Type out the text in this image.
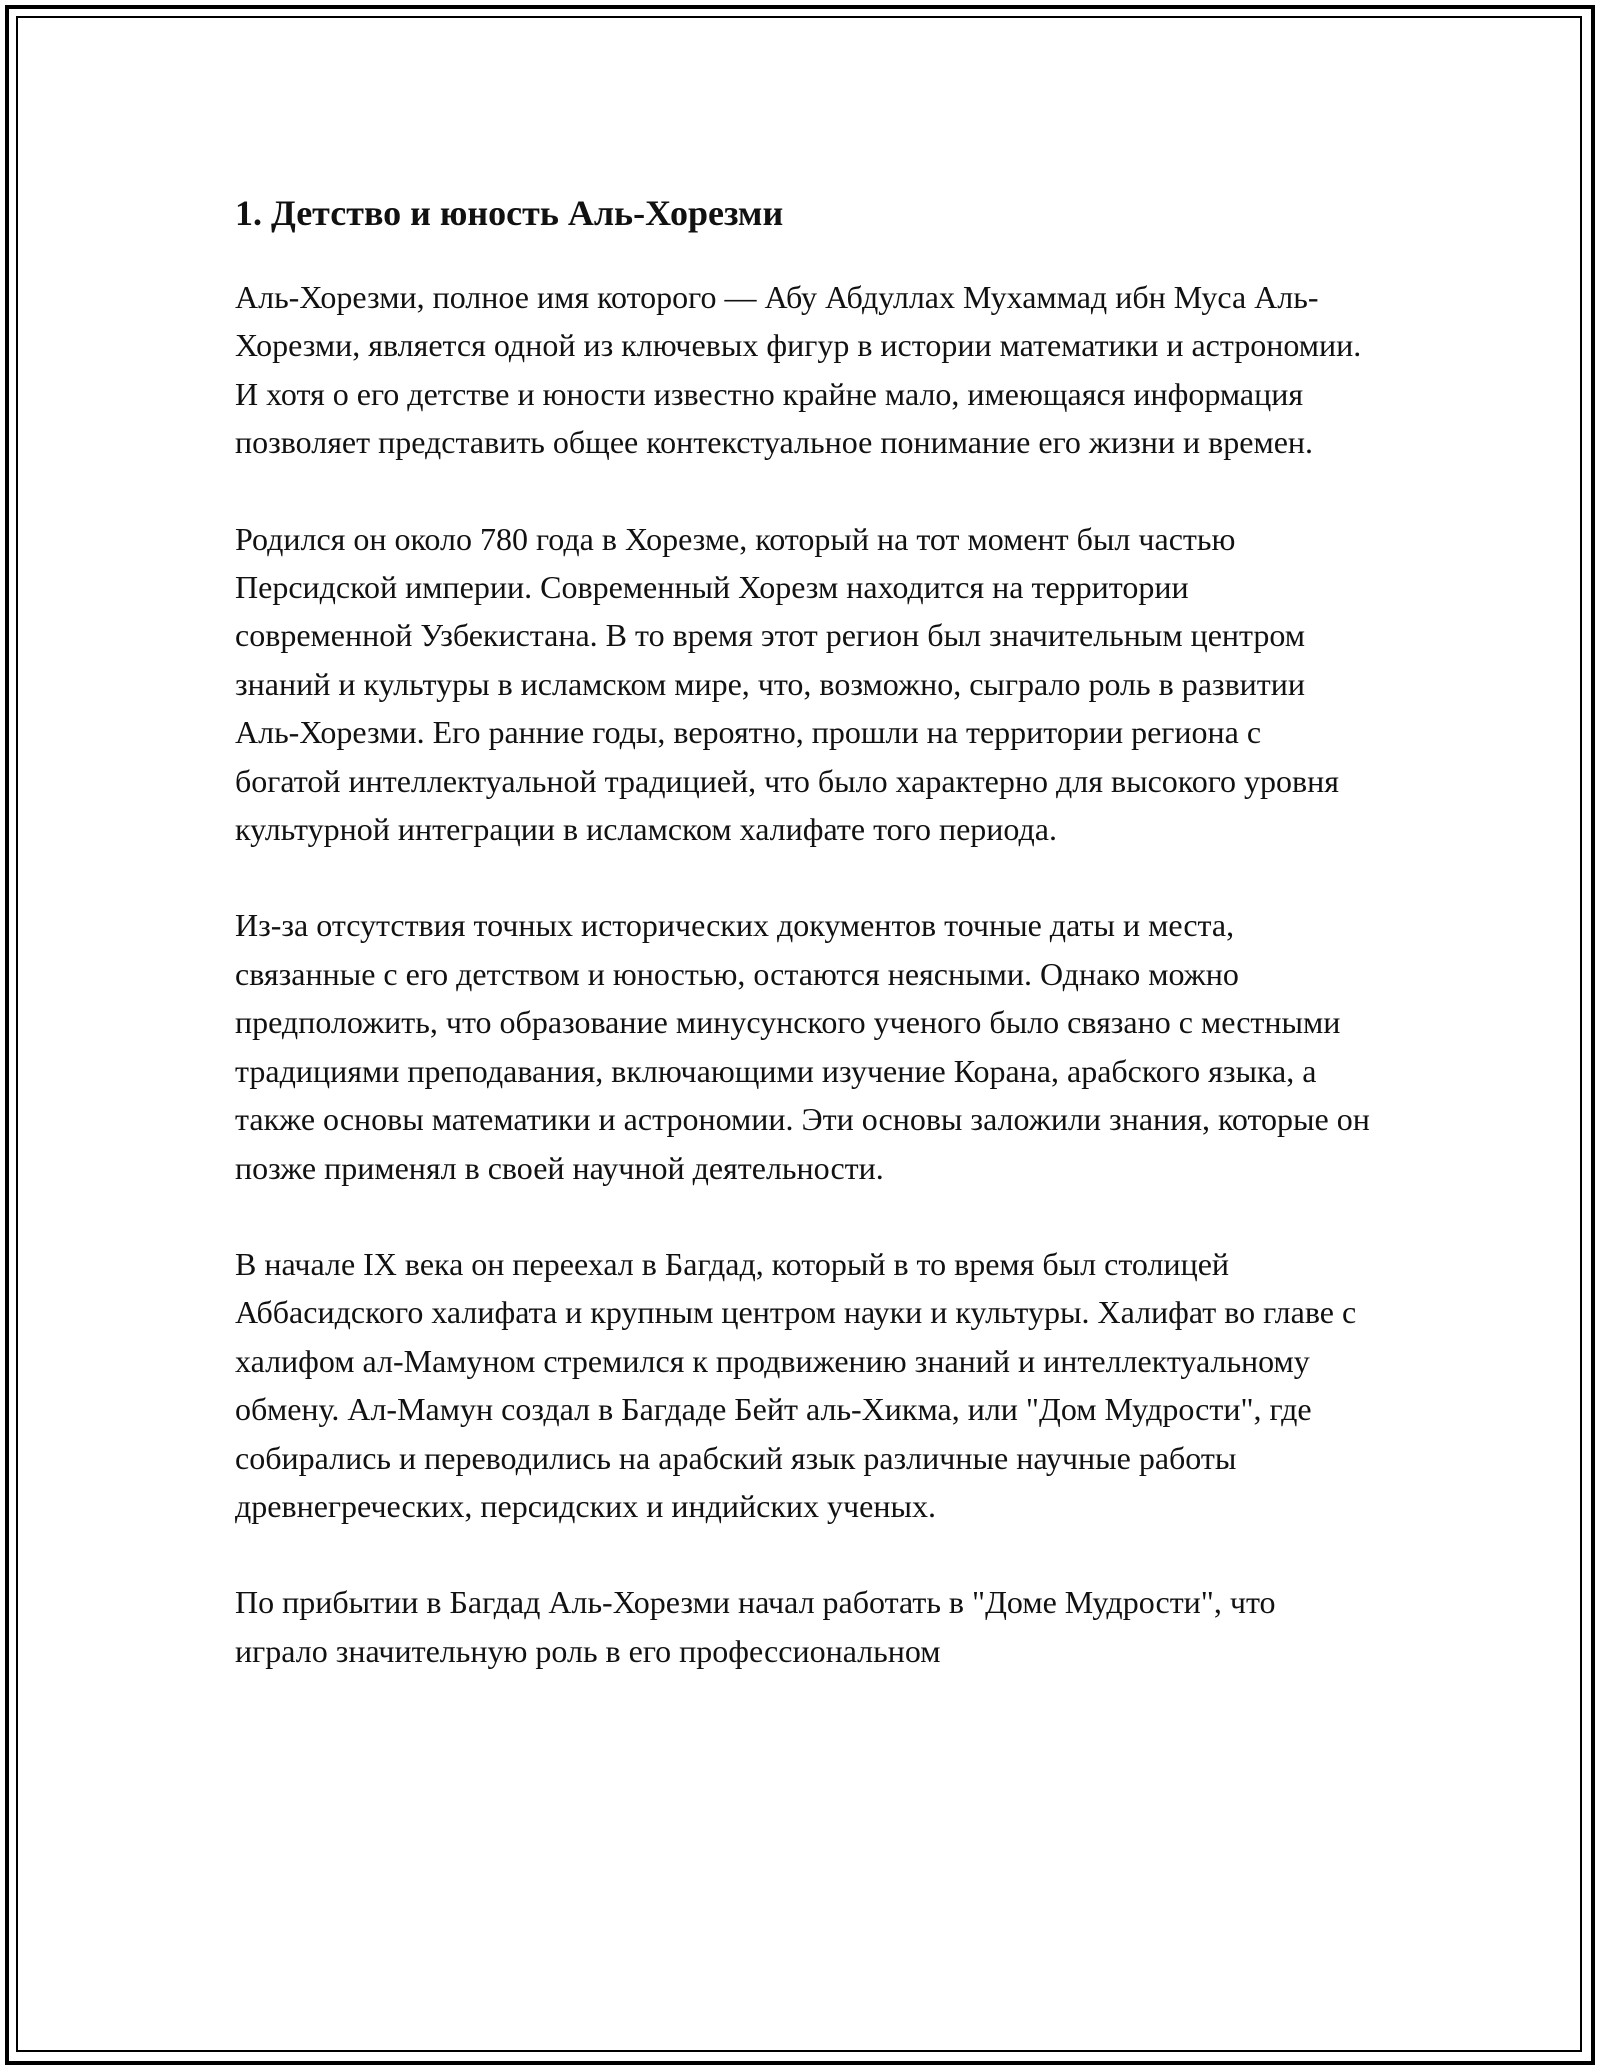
1. Детство и юность Аль-Хорезми

Аль-Хорезми, полное имя которого — Абу Абдуллах Мухаммад ибн Муса Аль-Хорезми, является одной из ключевых фигур в истории математики и астрономии. И хотя о его детстве и юности известно крайне мало, имеющаяся информация позволяет представить общее контекстуальное понимание его жизни и времен.

Родился он около 780 года в Хорезме, который на тот момент был частью Персидской империи. Современный Хорезм находится на территории современной Узбекистана. В то время этот регион был значительным центром знаний и культуры в исламском мире, что, возможно, сыграло роль в развитии Аль-Хорезми. Его ранние годы, вероятно, прошли на территории региона с богатой интеллектуальной традицией, что было характерно для высокого уровня культурной интеграции в исламском халифате того периода.

Из-за отсутствия точных исторических документов точные даты и места, связанные с его детством и юностью, остаются неясными. Однако можно предположить, что образование минусунского ученого было связано с местными традициями преподавания, включающими изучение Корана, арабского языка, а также основы математики и астрономии. Эти основы заложили знания, которые он позже применял в своей научной деятельности.

В начале IX века он переехал в Багдад, который в то время был столицей Аббасидского халифата и крупным центром науки и культуры. Халифат во главе с халифом ал-Мамуном стремился к продвижению знаний и интеллектуальному обмену. Ал-Мамун создал в Багдаде Бейт аль-Хикма, или "Дом Мудрости", где собирались и переводились на арабский язык различные научные работы древнегреческих, персидских и индийских ученых.

По прибытии в Багдад Аль-Хорезми начал работать в "Доме Мудрости", что играло значительную роль в его профессиональном
